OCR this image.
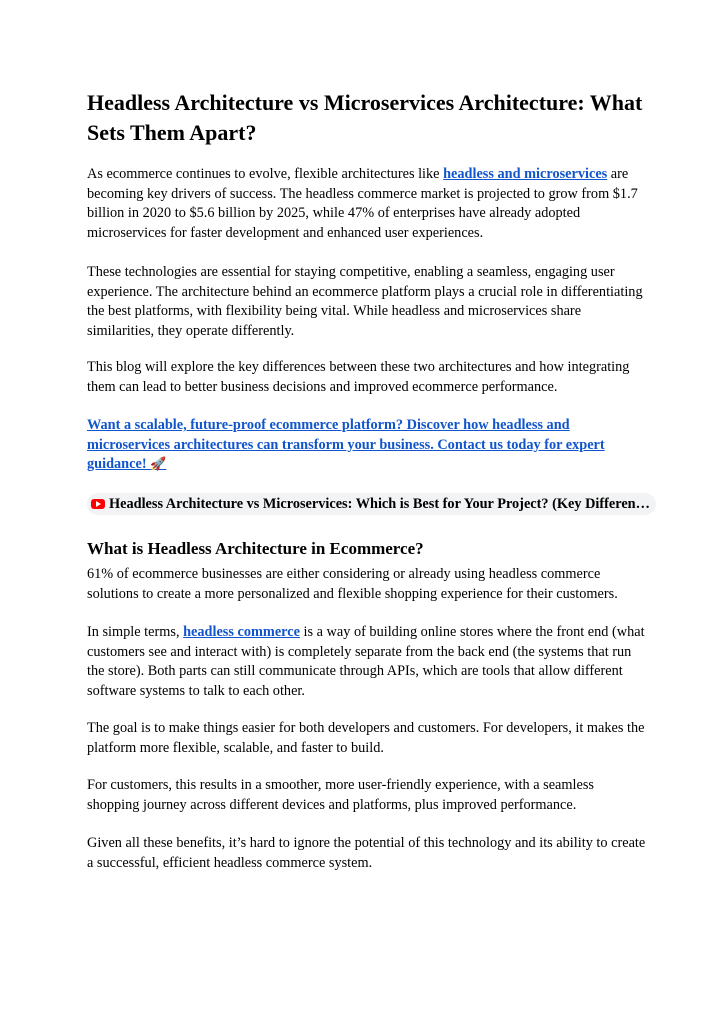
Headless Architecture vs Microservices Architecture: What Sets Them Apart?

As ecommerce continues to evolve, flexible architectures like headless and microservices are becoming key drivers of success. The headless commerce market is projected to grow from $1.7 billion in 2020 to $5.6 billion by 2025, while 47% of enterprises have already adopted microservices for faster development and enhanced user experiences.

These technologies are essential for staying competitive, enabling a seamless, engaging user experience. The architecture behind an ecommerce platform plays a crucial role in differentiating the best platforms, with flexibility being vital. While headless and microservices share similarities, they operate differently.

This blog will explore the key differences between these two architectures and how integrating them can lead to better business decisions and improved ecommerce performance.

Want a scalable, future-proof ecommerce platform? Discover how headless and microservices architectures can transform your business. Contact us today for expert guidance! 🚀

Headless Architecture vs Microservices: Which is Best for Your Project? (Key Differen…
What is Headless Architecture in Ecommerce?

61% of ecommerce businesses are either considering or already using headless commerce solutions to create a more personalized and flexible shopping experience for their customers.

In simple terms, headless commerce is a way of building online stores where the front end (what customers see and interact with) is completely separate from the back end (the systems that run the store). Both parts can still communicate through APIs, which are tools that allow different software systems to talk to each other.

The goal is to make things easier for both developers and customers. For developers, it makes the platform more flexible, scalable, and faster to build.

For customers, this results in a smoother, more user-friendly experience, with a seamless shopping journey across different devices and platforms, plus improved performance.

Given all these benefits, it’s hard to ignore the potential of this technology and its ability to create a successful, efficient headless commerce system.
